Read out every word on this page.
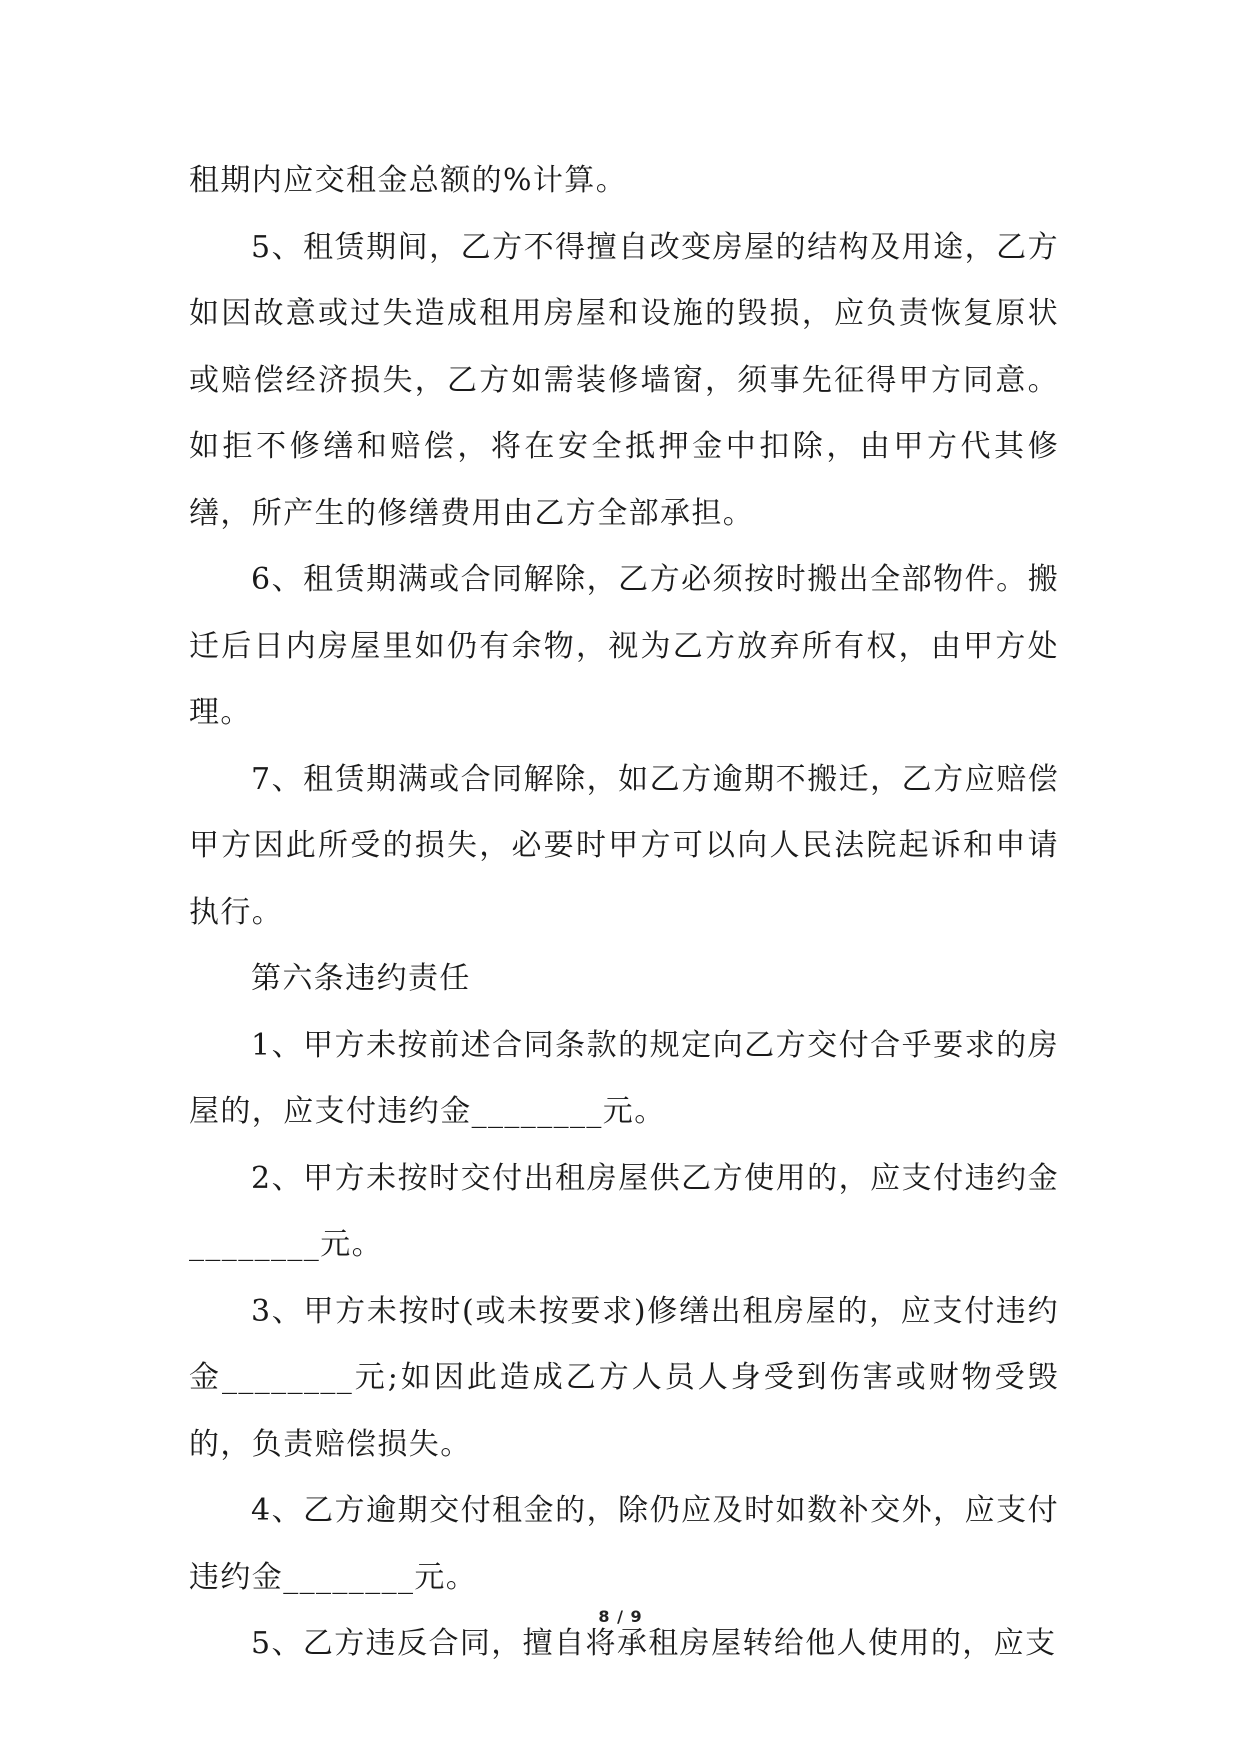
租期内应交租金总额的%计算。

5、租赁期间，乙方不得擅自改变房屋的结构及用途，乙方如因故意或过失造成租用房屋和设施的毁损，应负责恢复原状或赔偿经济损失，乙方如需装修墙窗，须事先征得甲方同意。如拒不修缮和赔偿，将在安全抵押金中扣除，由甲方代其修缮，所产生的修缮费用由乙方全部承担。

6、租赁期满或合同解除，乙方必须按时搬出全部物件。搬迁后日内房屋里如仍有余物，视为乙方放弃所有权，由甲方处理。

7、租赁期满或合同解除，如乙方逾期不搬迁，乙方应赔偿甲方因此所受的损失，必要时甲方可以向人民法院起诉和申请执行。

第六条违约责任

1、甲方未按前述合同条款的规定向乙方交付合乎要求的房屋的，应支付违约金________元。

2、甲方未按时交付出租房屋供乙方使用的，应支付违约金________元。

3、甲方未按时(或未按要求)修缮出租房屋的，应支付违约金________元;如因此造成乙方人员人身受到伤害或财物受毁的，负责赔偿损失。

4、乙方逾期交付租金的，除仍应及时如数补交外，应支付违约金________元。

5、乙方违反合同，擅自将承租房屋转给他人使用的，应支

8 / 9
